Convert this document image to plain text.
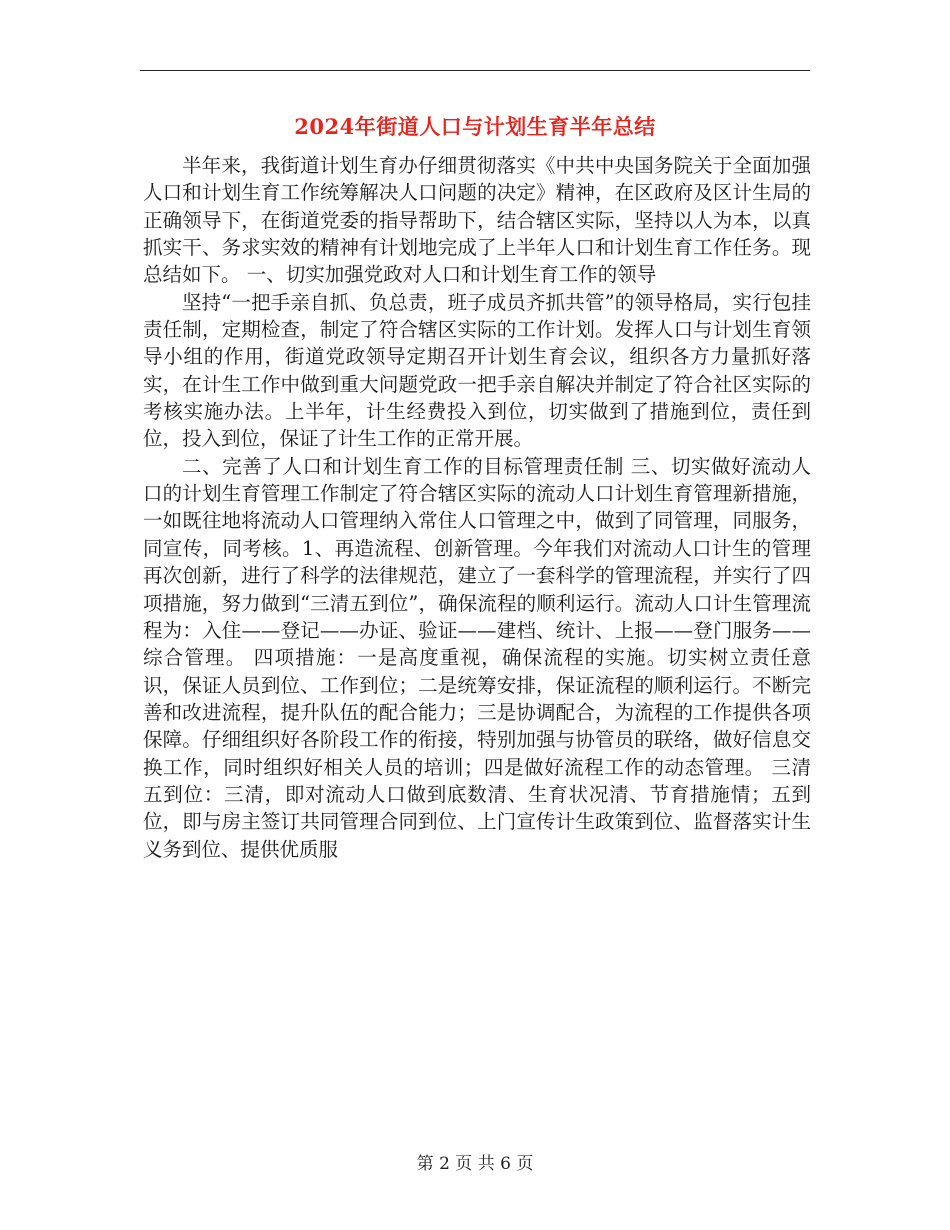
2024年街道人口与计划生育半年总结

半年来，我街道计划生育办仔细贯彻落实《中共中央国务院关于全面加强人口和计划生育工作统筹解决人口问题的决定》精神，在区政府及区计生局的正确领导下，在街道党委的指导帮助下，结合辖区实际，坚持以人为本，以真抓实干、务求实效的精神有计划地完成了上半年人口和计划生育工作任务。现总结如下。 一、切实加强党政对人口和计划生育工作的领导

坚持“一把手亲自抓、负总责，班子成员齐抓共管”的领导格局，实行包挂责任制，定期检查，制定了符合辖区实际的工作计划。发挥人口与计划生育领导小组的作用，街道党政领导定期召开计划生育会议，组织各方力量抓好落实，在计生工作中做到重大问题党政一把手亲自解决并制定了符合社区实际的考核实施办法。上半年，计生经费投入到位，切实做到了措施到位，责任到位，投入到位，保证了计生工作的正常开展。

二、完善了人口和计划生育工作的目标管理责任制 三、切实做好流动人口的计划生育管理工作制定了符合辖区实际的流动人口计划生育管理新措施，一如既往地将流动人口管理纳入常住人口管理之中，做到了同管理，同服务，同宣传，同考核。1、再造流程、创新管理。今年我们对流动人口计生的管理再次创新，进行了科学的法律规范，建立了一套科学的管理流程，并实行了四项措施，努力做到“三清五到位”，确保流程的顺利运行。流动人口计生管理流程为：入住——登记——办证、验证——建档、统计、上报——登门服务——综合管理。 四项措施：一是高度重视，确保流程的实施。切实树立责任意识，保证人员到位、工作到位；二是统筹安排，保证流程的顺利运行。不断完善和改进流程，提升队伍的配合能力；三是协调配合，为流程的工作提供各项保障。仔细组织好各阶段工作的衔接，特别加强与协管员的联络，做好信息交换工作，同时组织好相关人员的培训；四是做好流程工作的动态管理。 三清五到位：三清，即对流动人口做到底数清、生育状况清、节育措施情；五到位，即与房主签订共同管理合同到位、上门宣传计生政策到位、监督落实计生义务到位、提供优质服

第 2 页 共 6 页
